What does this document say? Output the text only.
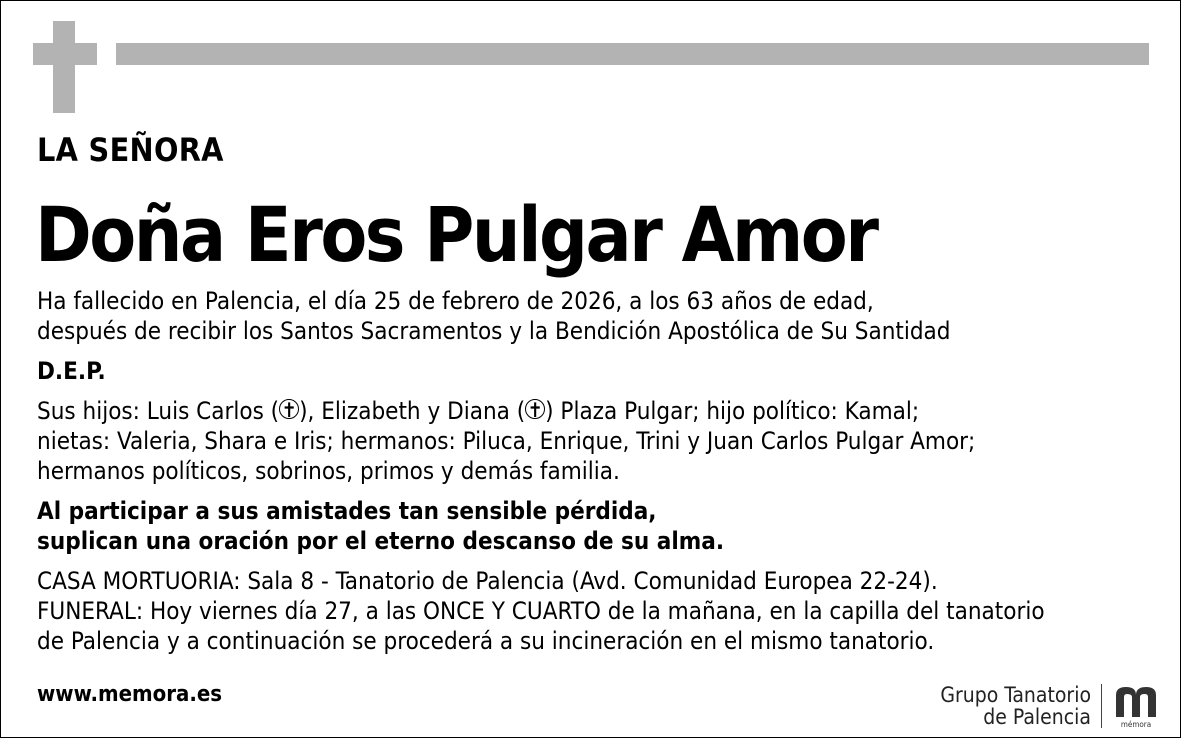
LA SEÑORA
Doña Eros Pulgar Amor

Ha fallecido en Palencia, el día 25 de febrero de 2026, a los 63 años de edad,
después de recibir los Santos Sacramentos y la Bendición Apostólica de Su Santidad

D.E.P.

Sus hijos: Luis Carlos ( ✝ ), Elizabeth y Diana ( ✝ ) Plaza Pulgar; hijo político: Kamal;
nietas: Valeria, Shara e Iris; hermanos: Piluca, Enrique, Trini y Juan Carlos Pulgar Amor;
hermanos políticos, sobrinos, primos y demás familia.

Al participar a sus amistades tan sensible pérdida,
suplican una oración por el eterno descanso de su alma.

CASA MORTUORIA: Sala 8 - Tanatorio de Palencia (Avd. Comunidad Europea 22-24).
FUNERAL: Hoy viernes día 27, a las ONCE Y CUARTO de la mañana, en la capilla del tanatorio
de Palencia y a continuación se procederá a su incineración en el mismo tanatorio.

www.memora.es	Grupo Tanatorio
de Palencia	mémora
